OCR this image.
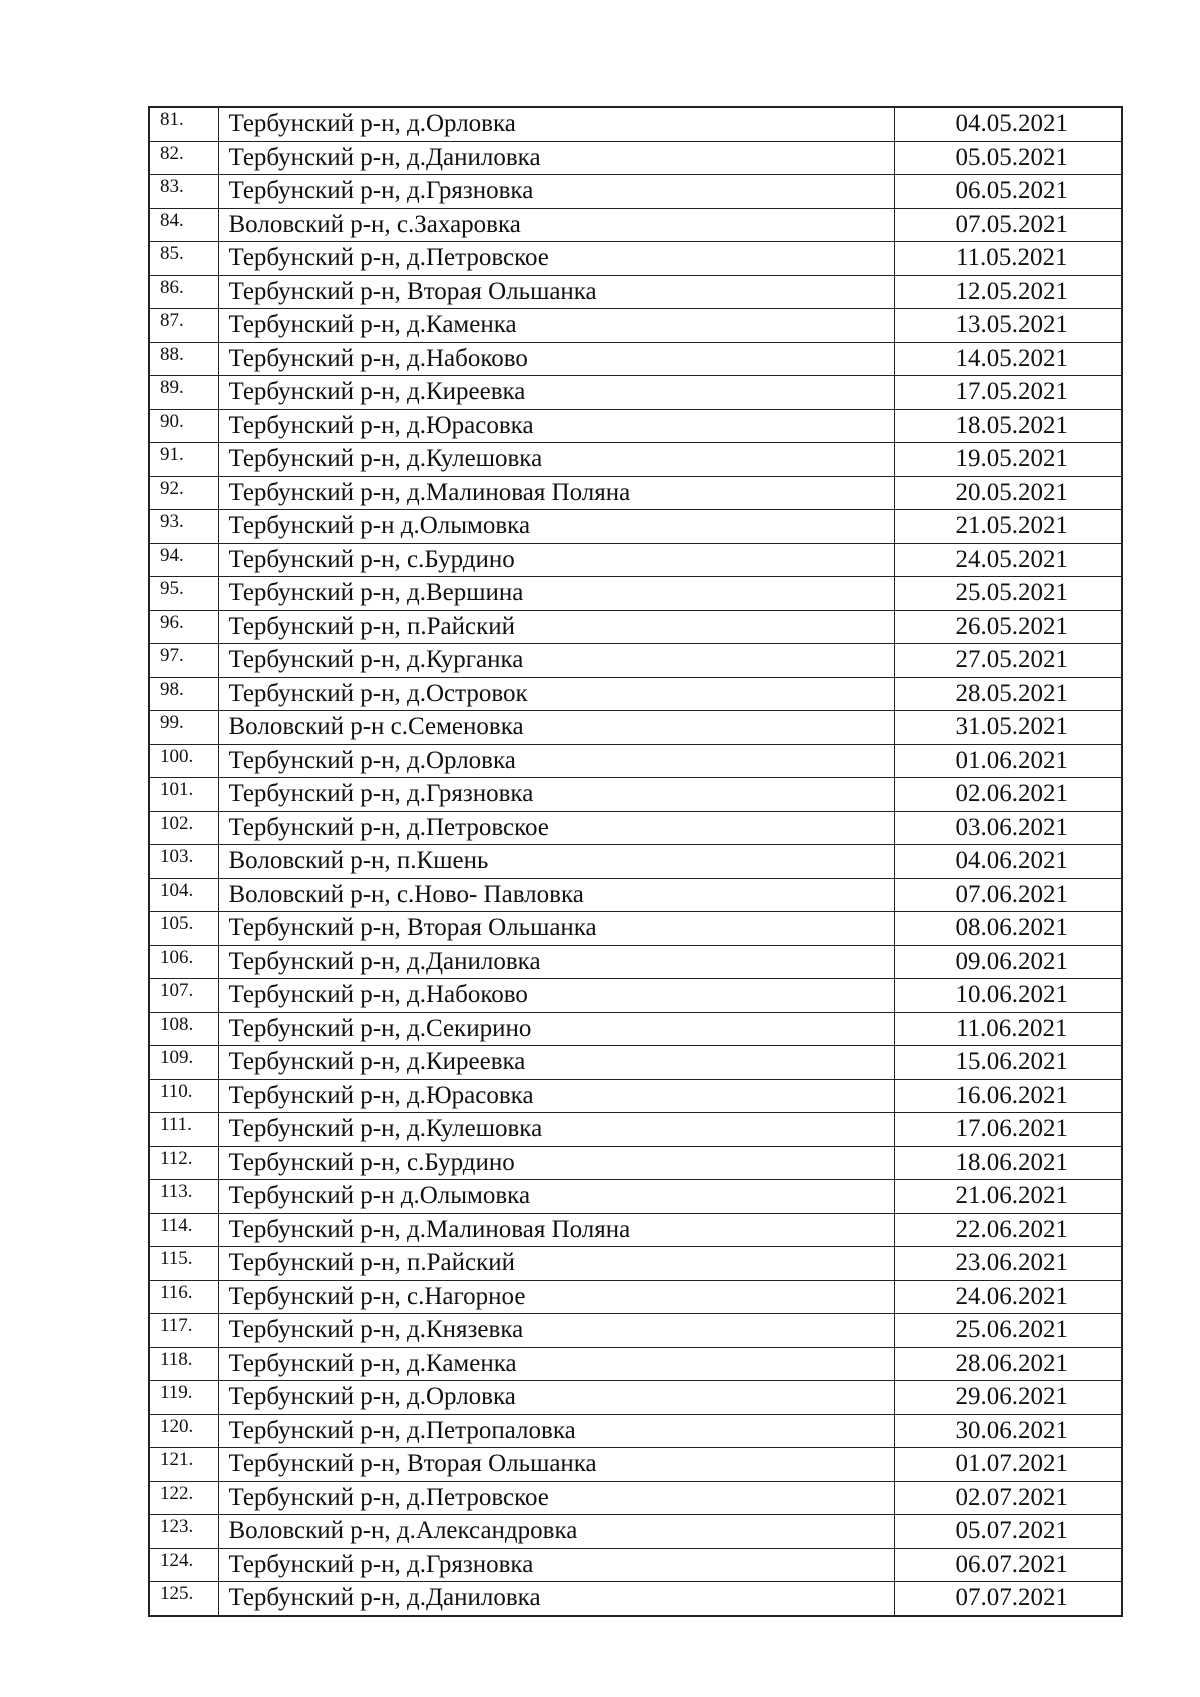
81.	Тербунский р-н, д.Орловка	04.05.2021
82.	Тербунский р-н, д.Даниловка	05.05.2021
83.	Тербунский р-н, д.Грязновка	06.05.2021
84.	Воловский р-н, с.Захаровка	07.05.2021
85.	Тербунский р-н, д.Петровское	11.05.2021
86.	Тербунский р-н, Вторая Ольшанка	12.05.2021
87.	Тербунский р-н, д.Каменка	13.05.2021
88.	Тербунский р-н, д.Набоково	14.05.2021
89.	Тербунский р-н, д.Киреевка	17.05.2021
90.	Тербунский р-н, д.Юрасовка	18.05.2021
91.	Тербунский р-н, д.Кулешовка	19.05.2021
92.	Тербунский р-н, д.Малиновая Поляна	20.05.2021
93.	Тербунский р-н д.Олымовка	21.05.2021
94.	Тербунский р-н, с.Бурдино	24.05.2021
95.	Тербунский р-н, д.Вершина	25.05.2021
96.	Тербунский р-н, п.Райский	26.05.2021
97.	Тербунский р-н, д.Курганка	27.05.2021
98.	Тербунский р-н, д.Островок	28.05.2021
99.	Воловский р-н с.Семеновка	31.05.2021
100.	Тербунский р-н, д.Орловка	01.06.2021
101.	Тербунский р-н, д.Грязновка	02.06.2021
102.	Тербунский р-н, д.Петровское	03.06.2021
103.	Воловский р-н, п.Кшень	04.06.2021
104.	Воловский р-н, с.Ново- Павловка	07.06.2021
105.	Тербунский р-н, Вторая Ольшанка	08.06.2021
106.	Тербунский р-н, д.Даниловка	09.06.2021
107.	Тербунский р-н, д.Набоково	10.06.2021
108.	Тербунский р-н, д.Секирино	11.06.2021
109.	Тербунский р-н, д.Киреевка	15.06.2021
110.	Тербунский р-н, д.Юрасовка	16.06.2021
111.	Тербунский р-н, д.Кулешовка	17.06.2021
112.	Тербунский р-н, с.Бурдино	18.06.2021
113.	Тербунский р-н д.Олымовка	21.06.2021
114.	Тербунский р-н, д.Малиновая Поляна	22.06.2021
115.	Тербунский р-н, п.Райский	23.06.2021
116.	Тербунский р-н, с.Нагорное	24.06.2021
117.	Тербунский р-н, д.Князевка	25.06.2021
118.	Тербунский р-н, д.Каменка	28.06.2021
119.	Тербунский р-н, д.Орловка	29.06.2021
120.	Тербунский р-н, д.Петропаловка	30.06.2021
121.	Тербунский р-н, Вторая Ольшанка	01.07.2021
122.	Тербунский р-н, д.Петровское	02.07.2021
123.	Воловский р-н, д.Александровка	05.07.2021
124.	Тербунский р-н, д.Грязновка	06.07.2021
125.	Тербунский р-н, д.Даниловка	07.07.2021
